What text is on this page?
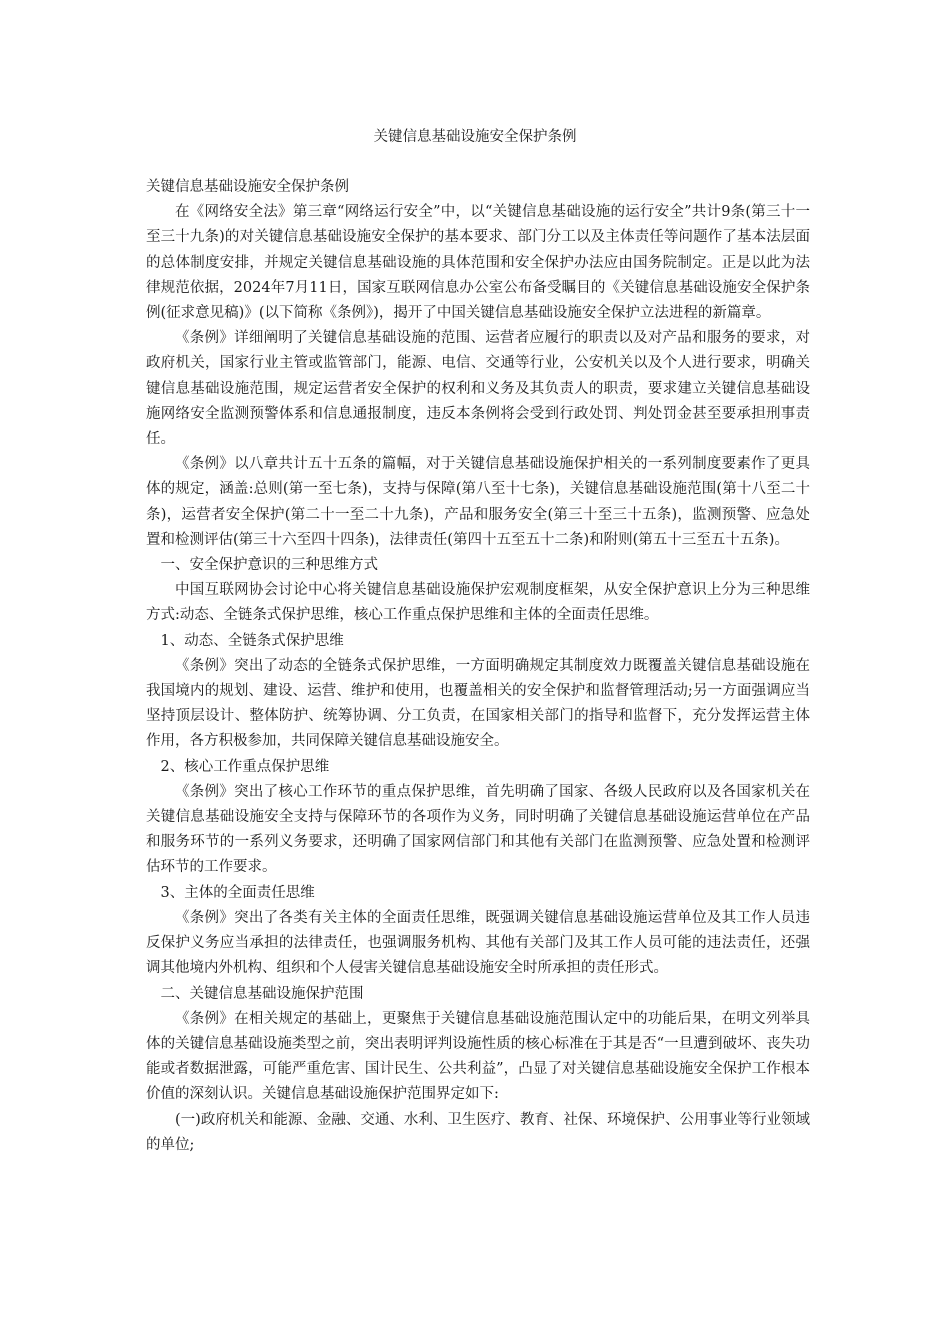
关键信息基础设施安全保护条例

关键信息基础设施安全保护条例

在《网络安全法》第三章“网络运行安全”中，以“关键信息基础设施的运行安全”共计9条(第三十一至三十九条)的对关键信息基础设施安全保护的基本要求、部门分工以及主体责任等问题作了基本法层面的总体制度安排，并规定关键信息基础设施的具体范围和安全保护办法应由国务院制定。正是以此为法律规范依据，2024年7月11日，国家互联网信息办公室公布备受瞩目的《关键信息基础设施安全保护条例(征求意见稿)》(以下简称《条例》)，揭开了中国关键信息基础设施安全保护立法进程的新篇章。

《条例》详细阐明了关键信息基础设施的范围、运营者应履行的职责以及对产品和服务的要求，对政府机关，国家行业主管或监管部门，能源、电信、交通等行业，公安机关以及个人进行要求，明确关键信息基础设施范围，规定运营者安全保护的权利和义务及其负责人的职责，要求建立关键信息基础设施网络安全监测预警体系和信息通报制度，违反本条例将会受到行政处罚、判处罚金甚至要承担刑事责任。

《条例》以八章共计五十五条的篇幅，对于关键信息基础设施保护相关的一系列制度要素作了更具体的规定，涵盖:总则(第一至七条)，支持与保障(第八至十七条)，关键信息基础设施范围(第十八至二十条)，运营者安全保护(第二十一至二十九条)，产品和服务安全(第三十至三十五条)，监测预警、应急处置和检测评估(第三十六至四十四条)，法律责任(第四十五至五十二条)和附则(第五十三至五十五条)。

一、安全保护意识的三种思维方式

中国互联网协会讨论中心将关键信息基础设施保护宏观制度框架，从安全保护意识上分为三种思维方式:动态、全链条式保护思维，核心工作重点保护思维和主体的全面责任思维。

1、动态、全链条式保护思维

《条例》突出了动态的全链条式保护思维，一方面明确规定其制度效力既覆盖关键信息基础设施在我国境内的规划、建设、运营、维护和使用，也覆盖相关的安全保护和监督管理活动;另一方面强调应当坚持顶层设计、整体防护、统筹协调、分工负责，在国家相关部门的指导和监督下，充分发挥运营主体作用，各方积极参加，共同保障关键信息基础设施安全。

2、核心工作重点保护思维

《条例》突出了核心工作环节的重点保护思维，首先明确了国家、各级人民政府以及各国家机关在关键信息基础设施安全支持与保障环节的各项作为义务，同时明确了关键信息基础设施运营单位在产品和服务环节的一系列义务要求，还明确了国家网信部门和其他有关部门在监测预警、应急处置和检测评估环节的工作要求。

3、主体的全面责任思维

《条例》突出了各类有关主体的全面责任思维，既强调关键信息基础设施运营单位及其工作人员违反保护义务应当承担的法律责任，也强调服务机构、其他有关部门及其工作人员可能的违法责任，还强调其他境内外机构、组织和个人侵害关键信息基础设施安全时所承担的责任形式。

二、关键信息基础设施保护范围

《条例》在相关规定的基础上，更聚焦于关键信息基础设施范围认定中的功能后果，在明文列举具体的关键信息基础设施类型之前，突出表明评判设施性质的核心标准在于其是否“一旦遭到破坏、丧失功能或者数据泄露，可能严重危害、国计民生、公共利益”，凸显了对关键信息基础设施安全保护工作根本价值的深刻认识。关键信息基础设施保护范围界定如下:

(一)政府机关和能源、金融、交通、水利、卫生医疗、教育、社保、环境保护、公用事业等行业领域的单位;
